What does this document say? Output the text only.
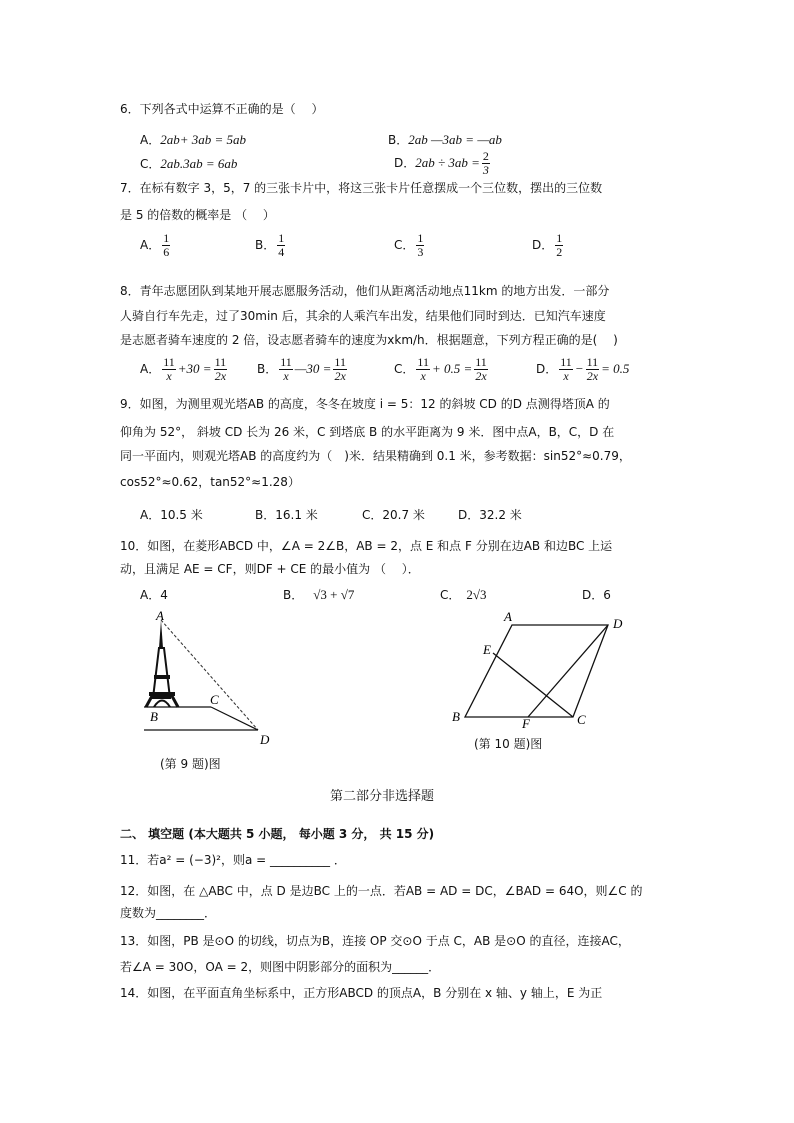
6．下列各式中运算不正确的是（　 ）
A．2ab+ 3ab = 5ab	B．2ab —3ab = —ab
C．2ab.3ab = 6ab	D．$2ab \div 3ab = \frac{2}{3}$
7．在标有数字 3，5，7 的三张卡片中，将这三张卡片任意摆成一个三位数，摆出的三位数
是 5 的倍数的概率是 （　 ）
A． $\frac{1}{6}$	B． $\frac{1}{4}$	C． $\frac{1}{3}$	D． $\frac{1}{2}$
8．青年志愿团队到某地开展志愿服务活动，他们从距离活动地点11km 的地方出发．一部分
人骑自行车先走，过了30min 后，其余的人乘汽车出发，结果他们同时到达．已知汽车速度
是志愿者骑车速度的 2 倍，设志愿者骑车的速度为xkm/h．根据题意，下列方程正确的是(　 )
A． $\frac{11}{x} +30 = \frac{11}{2x}$ B． $\frac{11}{x}$ —30 = $\frac{11}{2x}$	C． $\frac{11}{x} + 0.5 = \frac{11}{2x}$	D． $\frac{11}{x} - \frac{11}{2x} = 0.5$
9．如图，为测里观光塔AB 的高度，冬冬在坡度 i = 5：12 的斜坡 CD 的D 点测得塔顶A 的
仰角为 52°， 斜坡 CD 长为 26 米，C 到塔底 B 的水平距离为 9 米．图中点A，B，C，D 在
同一平面内，则观光塔AB 的高度约为（　)米．结果精确到 0.1 米，参考数据：sin52°≈0.79，
cos52°≈0.62，tan52°≈1.28）
A．10.5 米	B．16.1 米	C．20.7 米	D．32.2 米
10．如图，在菱形ABCD 中，∠A = 2∠B，AB = 2，点 E 和点 F 分别在边AB 和边BC 上运
动，且满足 AE = CF，则DF + CE 的最小值为 （　 ）．
A．4	B． √3 + √7	C． 2√3	D．6
A
B
C
D
(第 9 题)图
A	D
E
B	F	C
(第 10 题)图
第二部分非选择题
二、 填空题 (本大题共 5 小题， 每小题 3 分， 共 15 分)
11．若a² = (−3)²，则a = __________ ．
12．如图，在 △ABC 中，点 D 是边BC 上的一点．若AB = AD = DC，∠BAD = 64O，则∠C 的
度数为________．
13．如图，PB 是⊙O 的切线，切点为B，连接 OP 交⊙O 于点 C，AB 是⊙O 的直径，连接AC，
若∠A = 30O，OA = 2，则图中阴影部分的面积为______．
14．如图，在平面直角坐标系中，正方形ABCD 的顶点A，B 分别在 x 轴、y 轴上，E 为正
